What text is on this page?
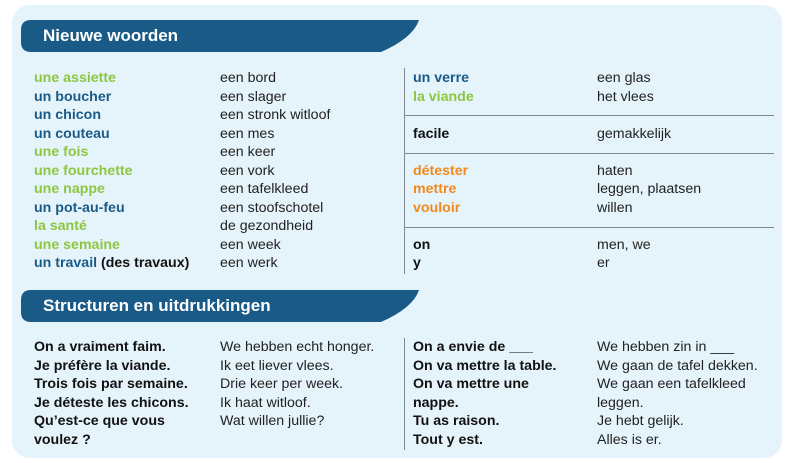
Nieuwe woorden
Structuren en uitdrukkingen
une assiette	een bord
un boucher	een slager
un chicon	een stronk witloof
un couteau	een mes
une fois	een keer
une fourchette	een vork
une nappe	een tafelkleed
un pot-au-feu	een stoofschotel
la santé	de gezondheid
une semaine	een week
un travail (des travaux) een werk
un verre	een glas
la viande	het vlees
facile	gemakkelijk
détester	haten
mettre	leggen, plaatsen
vouloir	willen
on	men, we
y	er
On a vraiment faim.	We hebben echt honger.
Je préfère la viande.	Ik eet liever vlees.
Trois fois par semaine. Drie keer per week.
Je déteste les chicons. Ik haat witloof.
Qu’est-ce que vous	Wat willen jullie?
voulez ?
On a envie de ___	We hebben zin in ___
On va mettre la table.	We gaan de tafel dekken.
On va mettre une	We gaan een tafelkleed
nappe.	leggen.
Tu as raison.	Je hebt gelijk.
Tout y est.	Alles is er.
